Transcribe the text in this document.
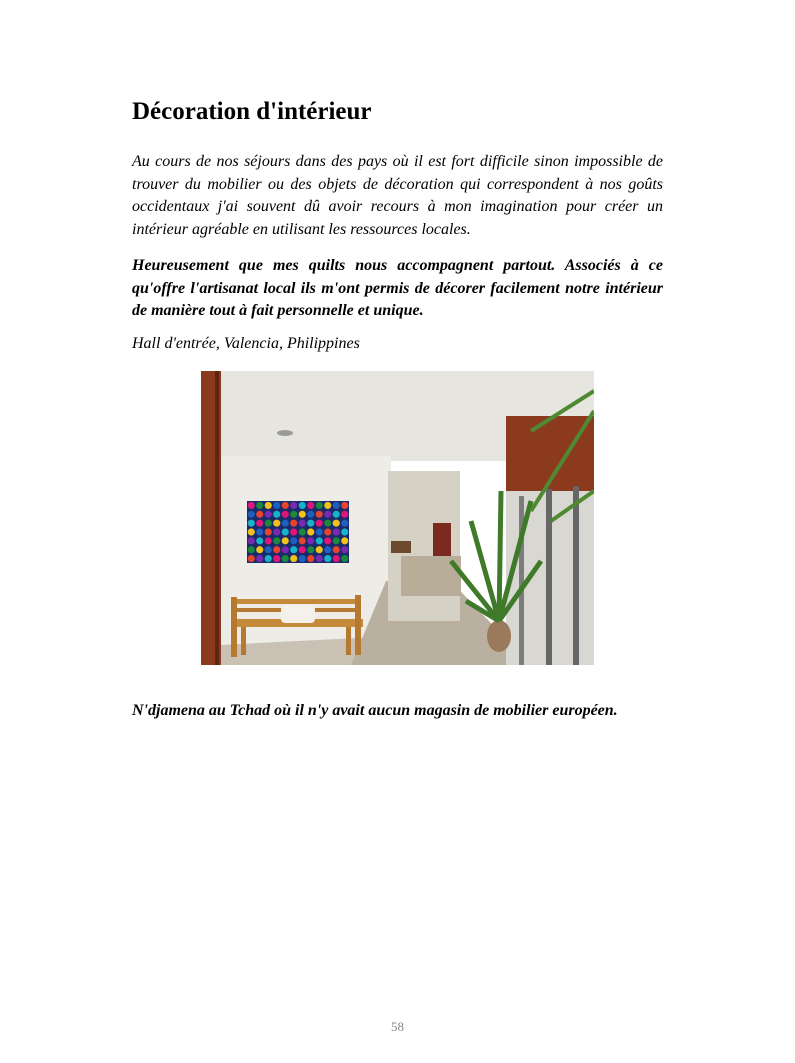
Décoration d'intérieur

Au cours de nos séjours dans des pays où il est fort difficile sinon impossible de trouver du mobilier ou des objets de décoration qui correspondent à nos goûts occidentaux j'ai souvent dû avoir recours à mon imagination pour créer un intérieur agréable en utilisant les ressources locales.

Heureusement que mes quilts nous accompagnent partout. Associés à ce qu'offre l'artisanat local ils m'ont permis de décorer facilement notre intérieur de manière tout à fait personnelle et unique.

Hall d'entrée, Valencia, Philippines

N'djamena au Tchad où il n'y avait aucun magasin de mobilier européen.

58
